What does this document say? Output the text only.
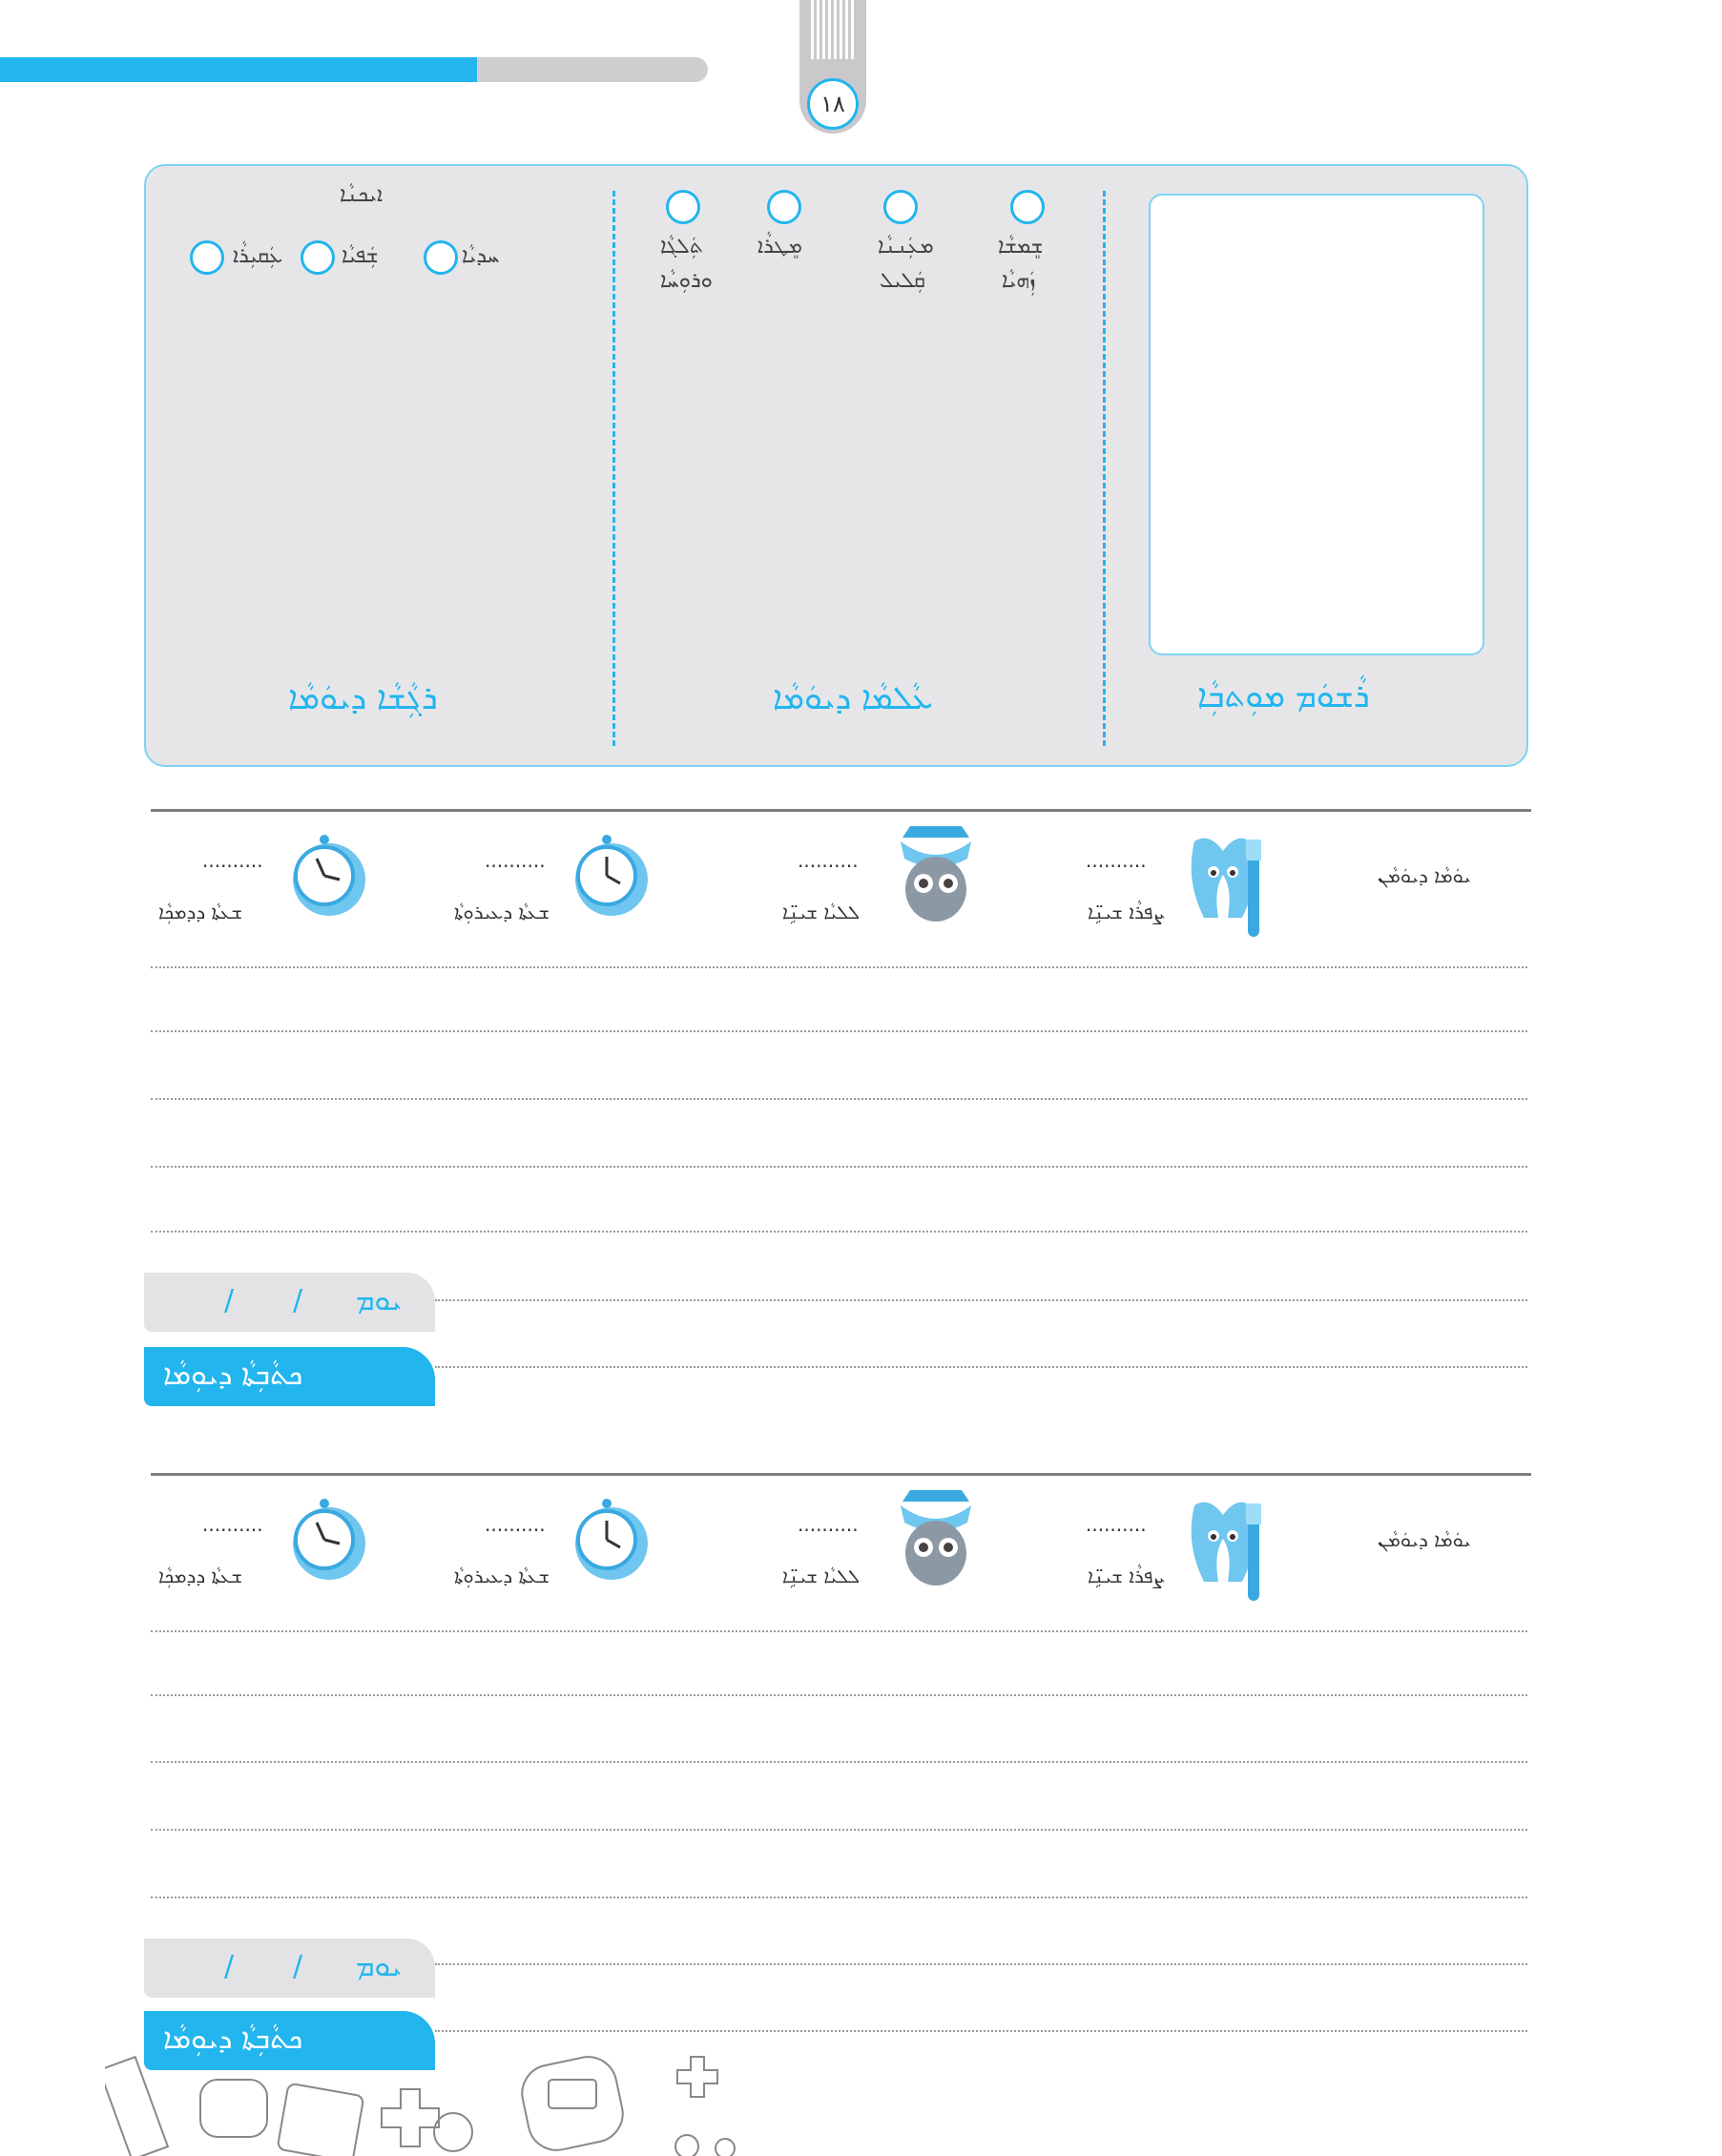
١٨
ܪܵܫܘܿܡ ܡܘܼܬܒܼܵܐ
ܫܸܡܫܵܐ
ܙܲܗܝܵܐ
ܡܥܲܢܢܵܐ
ܩܲܠܝܠ
ܡܸܛܪܵܐ
ܬܲܠܓܵܐ
ܘܪܘܼܚܵܐ
ܥܵܠܡܵܐ ܕܝܘܿܡܵܐ
ܐܝܟܢܵܐ
ܚܕܝܵܐ
ܫܲܦܝܵܐ
ܥܲܩܝܼܪܵܐ
ܪܓܼܵܫܵܐ ܕܝܘܿܡܵܐ
ܝܘܿܡܵܐ ܕܝܘܿܡܵܢ
..........
ܨܦܪܵܐ ܫܝܢܹ̈ܐ
..........
ܠܠܝܵܐ ܫܝܢܹ̈ܐ
..........
ܫܥܬܵܐ ܕܥܝܪܘܼܬܵܐ
..........
ܫܥܬܵܐ ܕܕܡܟܼܵܐ
/ / ܝܘܡ
ܟܬܵܒܼܬܵܐ ܕܝܘܼܡܵܐ
ܝܘܿܡܵܐ ܕܝܘܿܡܵܢ
..........
ܨܦܪܵܐ ܫܝܢܹ̈ܐ
..........
ܠܠܝܵܐ ܫܝܢܹ̈ܐ
..........
ܫܥܬܵܐ ܕܥܝܪܘܼܬܵܐ
..........
ܫܥܬܵܐ ܕܕܡܟܼܵܐ
/ / ܝܘܡ
ܟܬܵܒܼܬܵܐ ܕܝܘܼܡܵܐ
